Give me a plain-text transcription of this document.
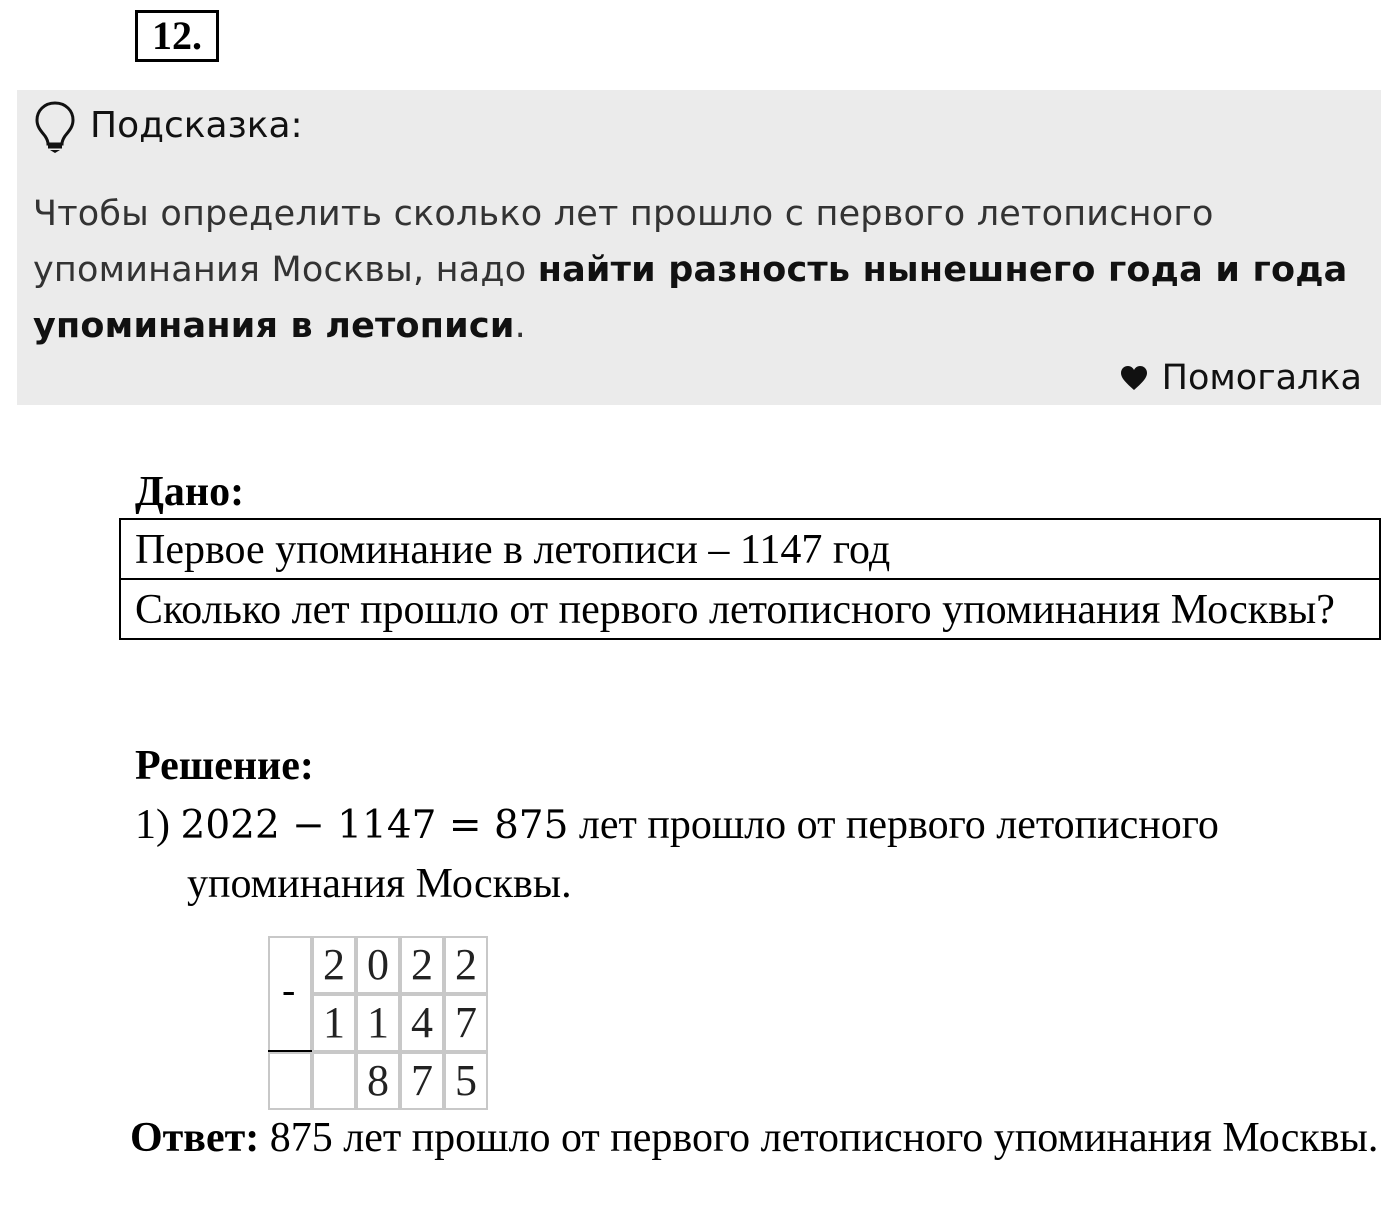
12.
Подсказка:
Чтобы определить сколько лет прошло с первого летописного упоминания Москвы, надо найти разность нынешнего года и года упоминания в летописи.
Помогалка
Дано:
Первое упоминание в летописи – 1147 год
Сколько лет прошло от первого летописного упоминания Москвы?
Решение:
1) 2022 − 1147 = 875 лет прошло от первого летописного
упоминания Москвы.
-
2 0 2 2
1 1 4 7
8 7 5
Ответ: 875 лет прошло от первого летописного упоминания Москвы.
